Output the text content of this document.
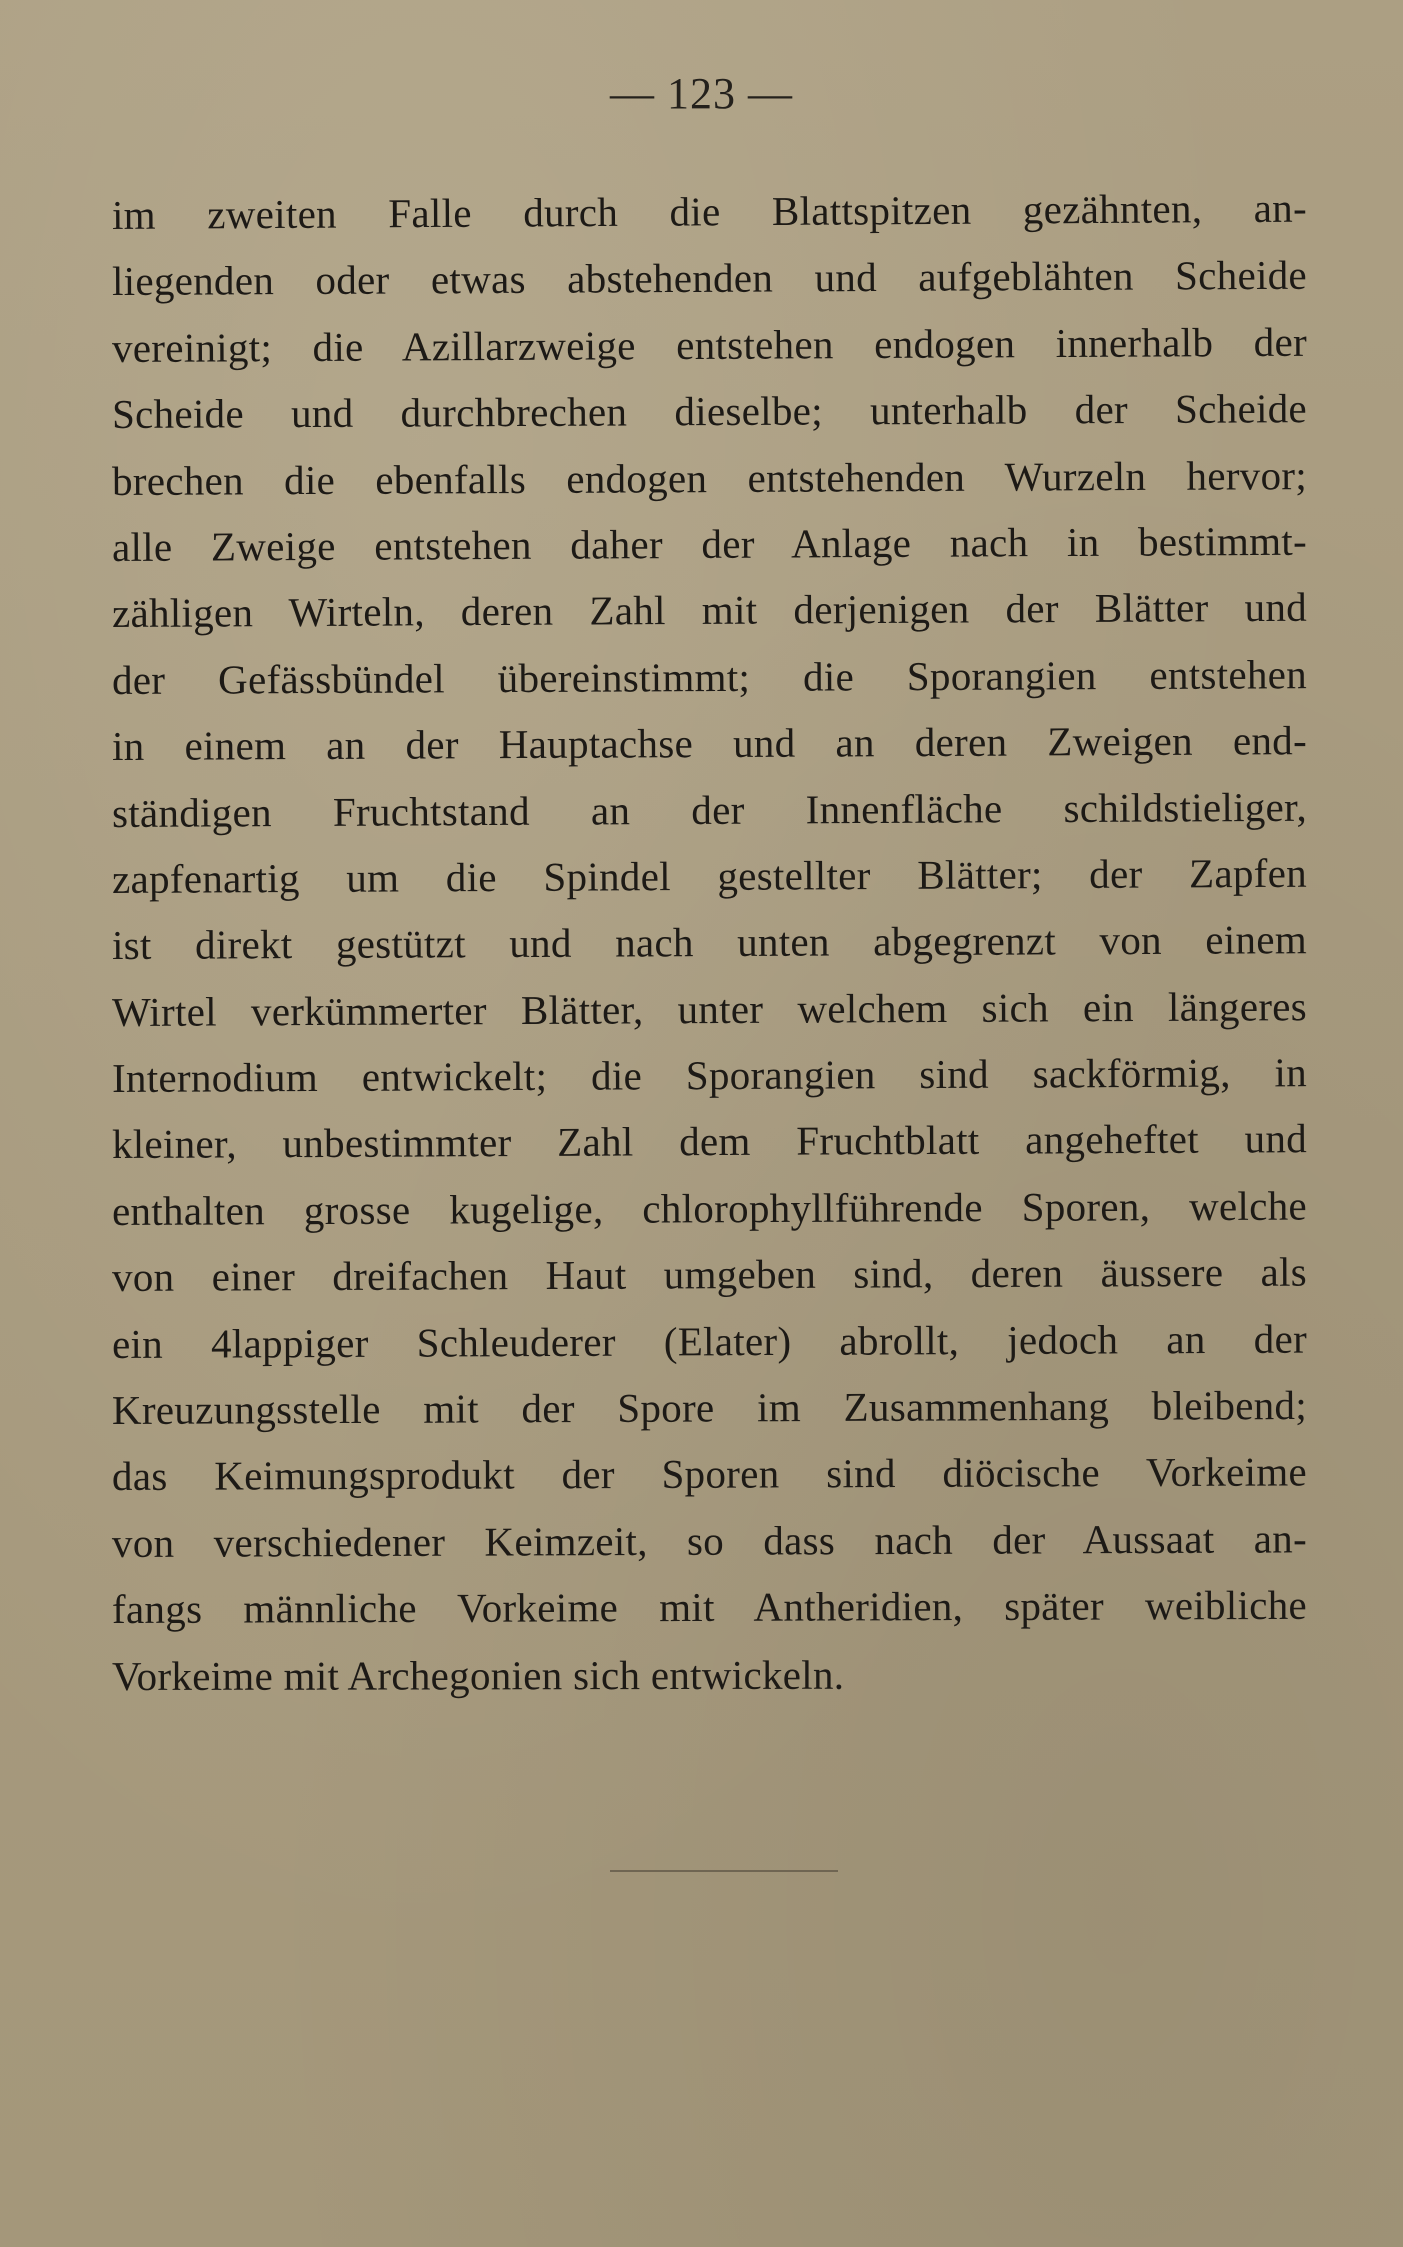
— 123 —
im zweiten Falle durch die Blattspitzen gezähnten, an-
liegenden oder etwas abstehenden und aufgeblähten Scheide
vereinigt; die Azillarzweige entstehen endogen innerhalb der
Scheide und durchbrechen dieselbe; unterhalb der Scheide
brechen die ebenfalls endogen entstehenden Wurzeln hervor;
alle Zweige entstehen daher der Anlage nach in bestimmt-
zähligen Wirteln, deren Zahl mit derjenigen der Blätter und
der Gefässbündel übereinstimmt; die Sporangien entstehen
in einem an der Hauptachse und an deren Zweigen end-
ständigen Fruchtstand an der Innenfläche schildstieliger,
zapfenartig um die Spindel gestellter Blätter; der Zapfen
ist direkt gestützt und nach unten abgegrenzt von einem
Wirtel verkümmerter Blätter, unter welchem sich ein längeres
Internodium entwickelt; die Sporangien sind sackförmig, in
kleiner, unbestimmter Zahl dem Fruchtblatt angeheftet und
enthalten grosse kugelige, chlorophyllführende Sporen, welche
von einer dreifachen Haut umgeben sind, deren äussere als
ein 4lappiger Schleuderer (Elater) abrollt, jedoch an der
Kreuzungsstelle mit der Spore im Zusammenhang bleibend;
das Keimungsprodukt der Sporen sind diöcische Vorkeime
von verschiedener Keimzeit, so dass nach der Aussaat an-
fangs männliche Vorkeime mit Antheridien, später weibliche
Vorkeime mit Archegonien sich entwickeln.
